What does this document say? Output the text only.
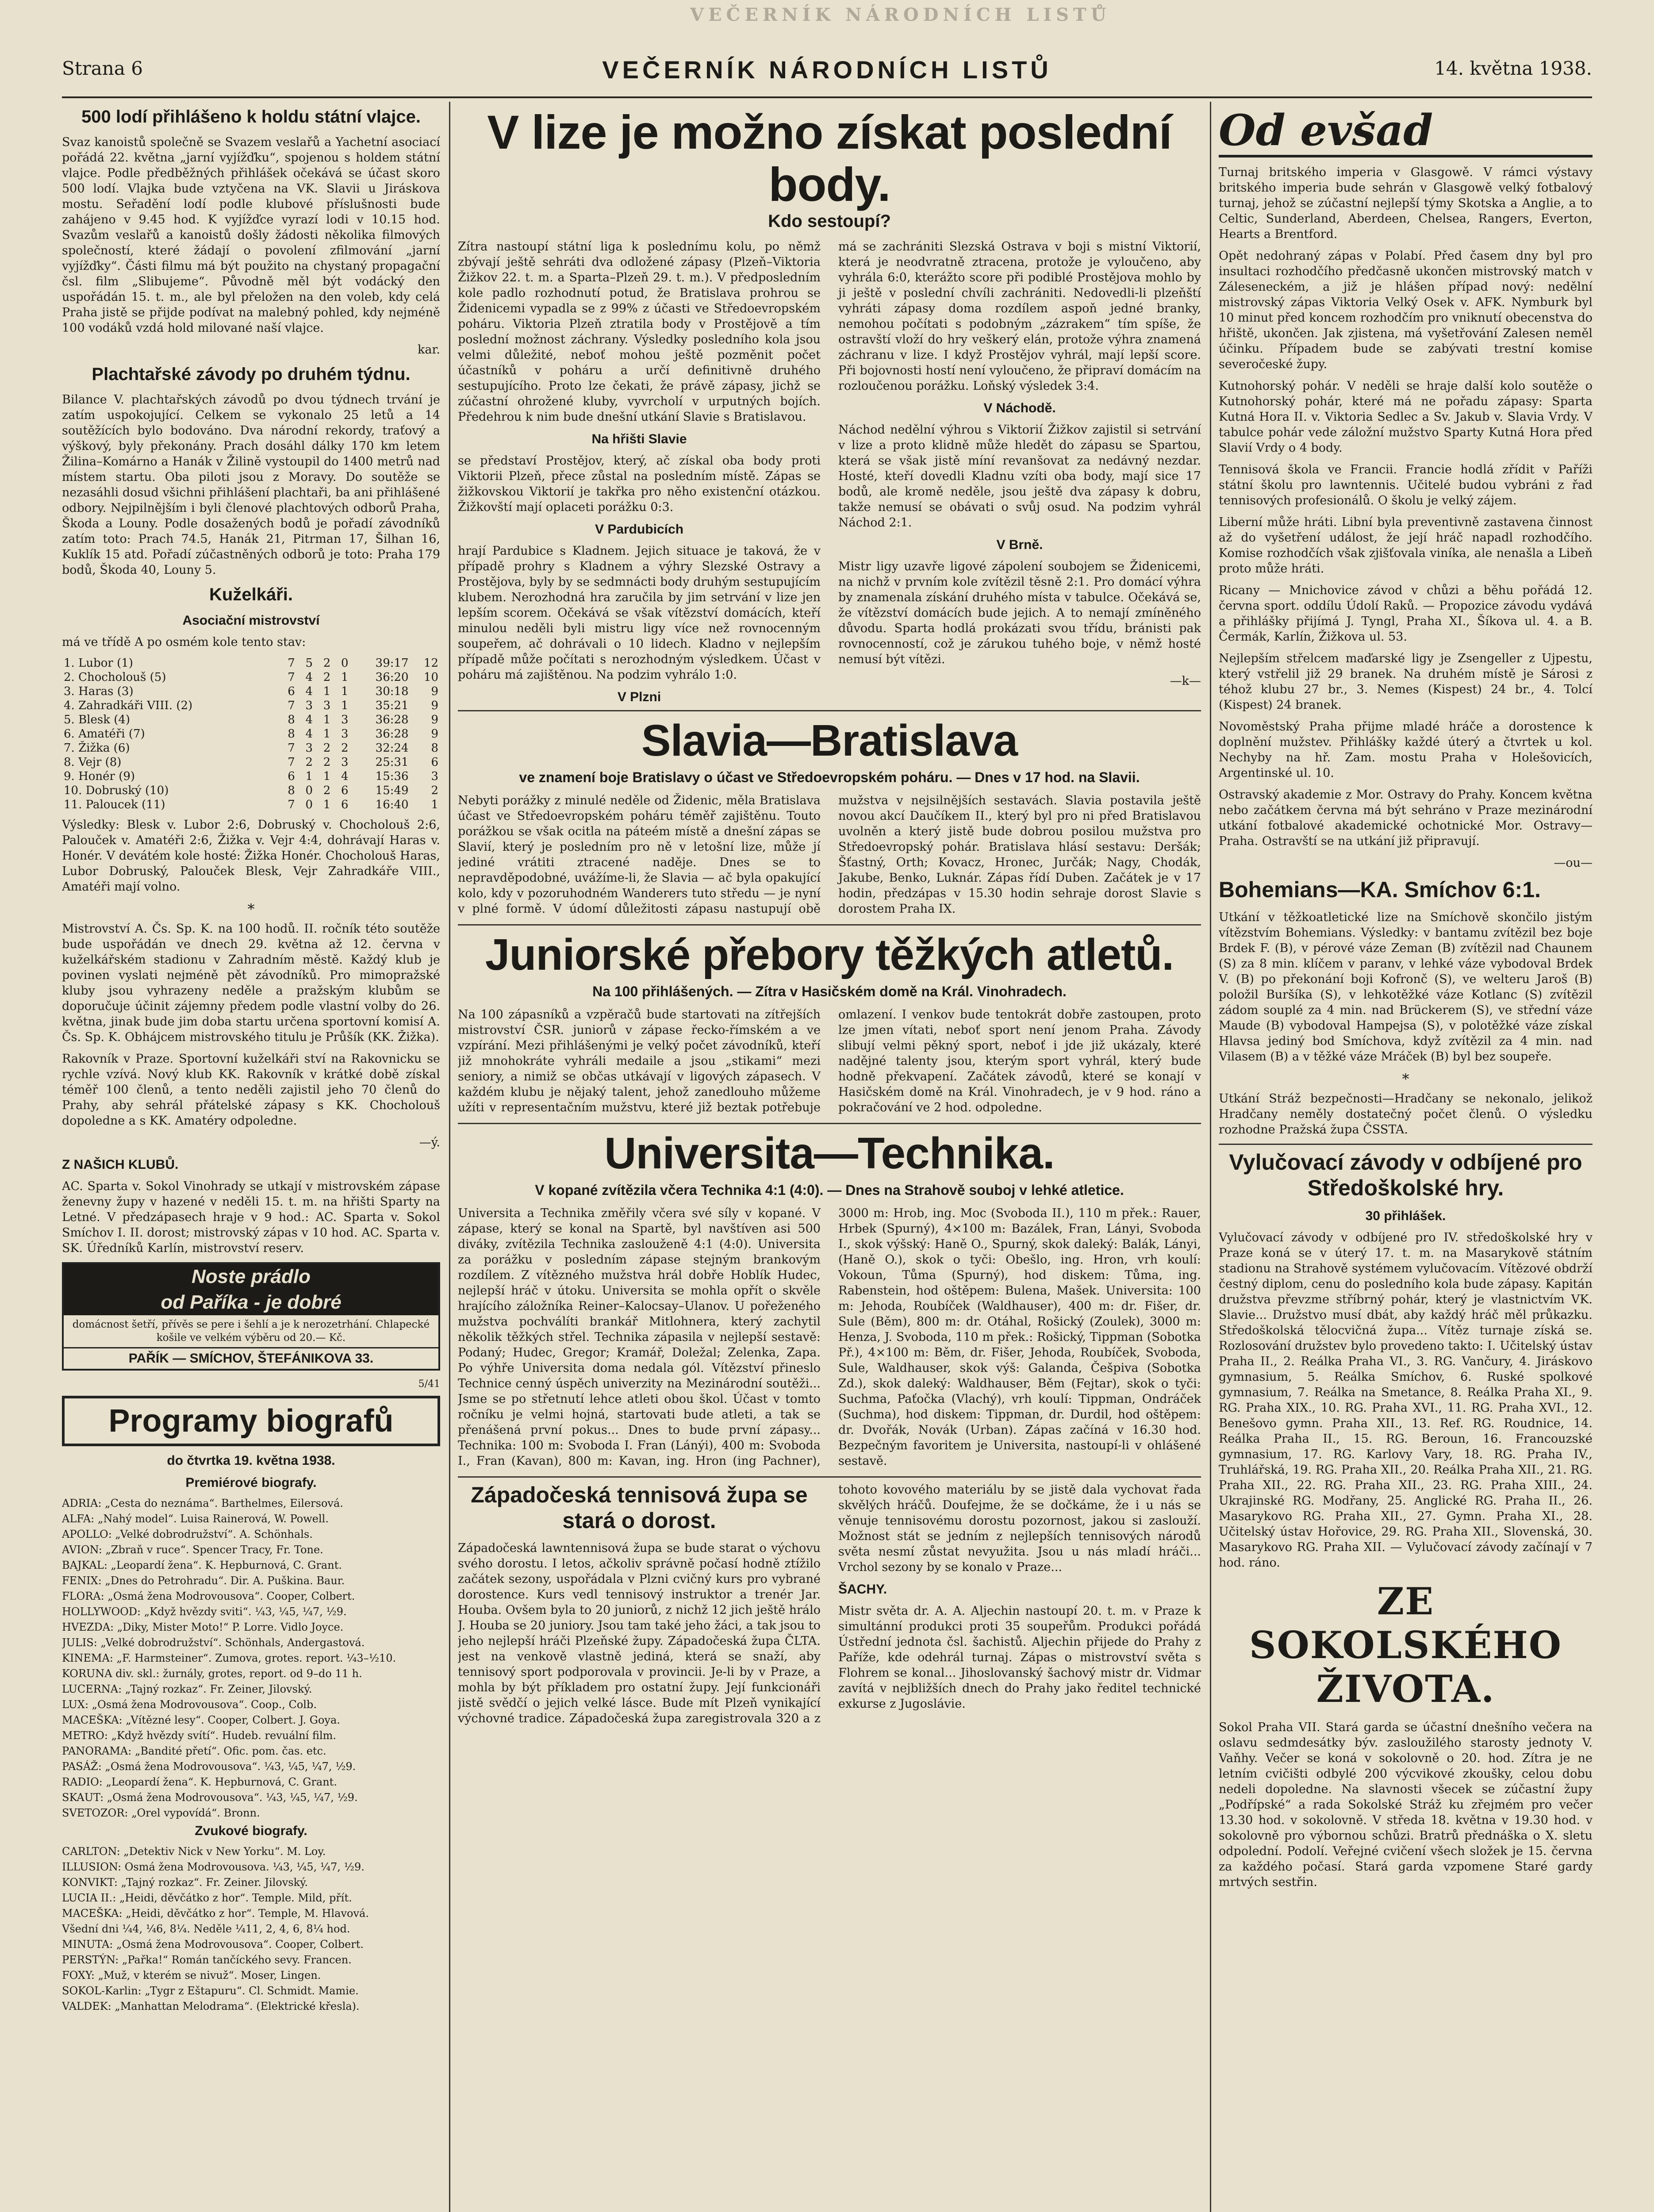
VEČERNÍK NÁRODNÍCH LISTŮ
Strana 6	VEČERNÍK NÁRODNÍCH LISTŮ	14. května 1938.
500 lodí přihlášeno k holdu státní vlajce.

Svaz kanoistů společně se Svazem veslařů a Yachetní asociací pořádá 22. května „jarní vyjížďku“, spojenou s holdem státní vlajce. Podle předběžných přihlášek očekává se účast skoro 500 lodí. Vlajka bude vztyčena na VK. Slavii u Jiráskova mostu. Seřadění lodí podle klubové příslušnosti bude zahájeno v 9.45 hod. K vyjížďce vyrazí lodi v 10.15 hod. Svazům veslařů a kanoistů došly žádosti několika filmových společností, které žádají o povolení zfilmování „jarní vyjížďky“. Části filmu má být použito na chystaný propagační čsl. film „Slibujeme“. Původně měl být vodácký den uspořádán 15. t. m., ale byl přeložen na den voleb, kdy celá Praha jistě se přijde podívat na malebný pohled, kdy nejméně 100 vodáků vzdá hold milované naší vlajce.

kar.

Plachtařské závody po druhém týdnu.

Bilance V. plachtařských závodů po dvou týdnech trvání je zatím uspokojující. Celkem se vykonalo 25 letů a 14 soutěžících bylo bodováno. Dva národní rekordy, traťový a výškový, byly překonány. Prach dosáhl dálky 170 km letem Žilina–Komárno a Hanák v Žilině vystoupil do 1400 metrů nad místem startu. Oba piloti jsou z Moravy. Do soutěže se nezasáhli dosud všichni přihlášení plachtaři, ba ani přihlášené odbory. Nejpilnějším i byli členové plachtových odborů Praha, Škoda a Louny. Podle dosažených bodů je pořadí závodníků zatím toto: Prach 74.5, Hanák 21, Pitrman 17, Šilhan 16, Kuklík 15 atd. Pořadí zúčastněných odborů je toto: Praha 179 bodů, Škoda 40, Louny 5.

Kuželkáři.
Asociační mistrovství

má ve třídě A po osmém kole tento stav:

1. Lubor (1)	7	5	2	0	39:17	12
2. Chocholouš (5)	7	4	2	1	36:20	10
3. Haras (3)	6	4	1	1	30:18	9
4. Zahradkáři VIII. (2)	7	3	3	1	35:21	9
5. Blesk (4)	8	4	1	3	36:28	9
6. Amatéři (7)	8	4	1	3	36:28	9
7. Žižka (6)	7	3	2	2	32:24	8
8. Vejr (8)	7	2	2	3	25:31	6
9. Honér (9)	6	1	1	4	15:36	3
10. Dobruský (10)	8	0	2	6	15:49	2
11. Paloucek (11)	7	0	1	6	16:40	1

Výsledky: Blesk v. Lubor 2:6, Dobruský v. Chocholouš 2:6, Palouček v. Amatéři 2:6, Žižka v. Vejr 4:4, dohrávají Haras v. Honér. V devátém kole hosté: Žižka Honér. Chocholouš Haras, Lubor Dobruský, Palouček Blesk, Vejr Zahradkáře VIII., Amatéři mají volno.

*

Mistrovství A. Čs. Sp. K. na 100 hodů. II. ročník této soutěže bude uspořádán ve dnech 29. května až 12. června v kuželkářském stadionu v Zahradním městě. Každý klub je povinen vyslati nejméně pět závodníků. Pro mimopražské kluby jsou vyhrazeny neděle a pražským klubům se doporučuje účinit zájemny předem podle vlastní volby do 26. května, jinak bude jim doba startu určena sportovní komisí A. Čs. Sp. K. Obhájcem mistrovského titulu je Průšík (KK. Žižka).

Rakovník v Praze. Sportovní kuželkáři ství na Rakovnicku se rychle vzívá. Nový klub KK. Rakovník v krátké době získal téměř 100 členů, a tento neděli zajistil jeho 70 členů do Prahy, aby sehrál přátelské zápasy s KK. Chocholouš dopoledne a s KK. Amatéry odpoledne.

—ý.

Z NAŠICH KLUBŮ.

AC. Sparta v. Sokol Vinohrady se utkají v mistrovském zápase ženevny župy v hazené v neděli 15. t. m. na hřišti Sparty na Letné. V předzápasech hraje v 9 hod.: AC. Sparta v. Sokol Smíchov I. II. dorost; mistrovský zápas v 10 hod. AC. Sparta v. SK. Úředníků Karlín, mistrovství reserv.

Noste prádlo
od Paříka - je dobré
domácnost šetří, přívěs se pere i šehlí a je k nerozetrhání. Chlapecké košile ve velkém výběru od 20.— Kč.
PAŘÍK — SMÍCHOV, ŠTEFÁNIKOVA 33.
5/41
Programy biografů
do čtvrtka 19. května 1938.
Premiérové biografy.

ADRIA: „Cesta do neznáma“. Barthelmes, Eilersová.

ALFA: „Nahý model“. Luisa Rainerová, W. Powell.

APOLLO: „Velké dobrodružství“. A. Schönhals.

AVION: „Zbraň v ruce“. Spencer Tracy, Fr. Tone.

BAJKAL: „Leopardí žena“. K. Hepburnová, C. Grant.

FENIX: „Dnes do Petrohradu“. Dir. A. Puškina. Baur.

FLORA: „Osmá žena Modrovousova“. Cooper, Colbert.

HOLLYWOOD: „Když hvězdy sviti“. ¼3, ¼5, ¼7, ½9.

HVEZDA: „Diky, Mister Moto!“ P. Lorre. Vidlo Joyce.

JULIS: „Velké dobrodružství“. Schönhals, Andergastová.

KINEMA: „F. Harmsteiner“. Zumova, grotes. report. ¼3–½10.

KORUNA div. skl.: žurnály, grotes, report. od 9–do 11 h.

LUCERNA: „Tajný rozkaz“. Fr. Zeiner, Jilovský.

LUX: „Osmá žena Modrovousova“. Coop., Colb.

MACEŠKA: „Vítězné lesy“. Cooper, Colbert. J. Goya.

METRO: „Když hvězdy svítí“. Hudeb. revuální film.

PANORAMA: „Bandité přetí“. Ofic. pom. čas. etc.

PASÁŽ: „Osmá žena Modrovousova“. ¼3, ¼5, ¼7, ½9.

RADIO: „Leopardí žena“. K. Hepburnová, C. Grant.

SKAUT: „Osmá žena Modrovousova“. ¼3, ¼5, ¼7, ½9.

SVETOZOR: „Orel vypovídá“. Bronn.

Zvukové biografy.

CARLTON: „Detektiv Nick v New Yorku“. M. Loy.

ILLUSION: Osmá žena Modrovousova. ¼3, ¼5, ¼7, ½9.

KONVIKT: „Tajný rozkaz“. Fr. Zeiner. Jilovský.

LUCIA II.: „Heidi, děvčátko z hor“. Temple. Mild, přít.

MACEŠKA: „Heidi, děvčátko z hor“. Temple, M. Hlavová.

Všední dni ¼4, ¼6, 8¼. Neděle ¼11, 2, 4, 6, 8¼ hod.

MINUTA: „Osmá žena Modrovousova“. Cooper, Colbert.

PERSTÝN: „Pařka!“ Román tančíckého sevy. Francen.

FOXY: „Muž, v kterém se nivuž“. Moser, Lingen.

SOKOL-Karlin: „Tygr z Eštapuru“. Cl. Schmidt. Mamie.

VALDEK: „Manhattan Melodrama“. (Elektrické křesla).

V lize je možno získat poslední body.
Kdo sestoupí?

Zítra nastoupí státní liga k poslednímu kolu, po němž zbývají ještě sehráti dva odložené zápasy (Plzeň–Viktoria Žižkov 22. t. m. a Sparta–Plzeň 29. t. m.). V předposledním kole padlo rozhodnutí potud, že Bratislava prohrou se Židenicemi vypadla se z 99% z účasti ve Středoevropském poháru. Viktoria Plzeň ztratila body v Prostějově a tím poslední možnost záchrany. Výsledky posledního kola jsou velmi důležité, neboť mohou ještě pozměnit počet účastníků v poháru a určí definitivně druhého sestupujícího. Proto lze čekati, že právě zápasy, jichž se zúčastní ohrožené kluby, vyvrcholí v urputných bojích. Předehrou k nim bude dnešní utkání Slavie s Bratislavou.

Na hřišti Slavie

se představí Prostějov, který, ač získal oba body proti Viktorii Plzeň, přece zůstal na posledním místě. Zápas se žižkovskou Viktorií je takřka pro něho existenční otázkou. Žižkovští mají oplaceti porážku 0:3.

V Pardubicích

hrají Pardubice s Kladnem. Jejich situace je taková, že v případě prohry s Kladnem a výhry Slezské Ostravy a Prostějova, byly by se sedmnácti body druhým sestupujícím klubem. Nerozhodná hra zaručila by jim setrvání v lize jen lepším scorem. Očekává se však vítězství domácích, kteří minulou neděli byli mistru ligy více než rovnocenným soupeřem, ač dohrávali o 10 lidech. Kladno v nejlepším případě může počítati s nerozhodným výsledkem. Účast v poháru má zajištěnou. Na podzim vyhrálo 1:0.

V Plzni

má se zachrániti Slezská Ostrava v boji s mistní Viktorií, která je neodvratně ztracena, protože je vyloučeno, aby vyhrála 6:0, kterážto score při podiblé Prostějova mohlo by ji ještě v poslední chvíli zachrániti. Nedovedli-li plzeňští vyhráti zápasy doma rozdílem aspoň jedné branky, nemohou počítati s podobným „zázrakem“ tím spíše, že ostravští vloží do hry veškerý elán, protože výhra znamená záchranu v lize. I když Prostějov vyhrál, mají lepší score. Při bojovnosti hostí není vyloučeno, že připraví domácím na rozloučenou porážku. Loňský výsledek 3:4.

V Náchodě.

Náchod nedělní výhrou s Viktorií Žižkov zajistil si setrvání v lize a proto klidně může hledět do zápasu se Spartou, která se však jistě míní revanšovat za nedávný nezdar. Hosté, kteří dovedli Kladnu vzíti oba body, mají sice 17 bodů, ale kromě neděle, jsou ještě dva zápasy k dobru, takže nemusí se obávati o svůj osud. Na podzim vyhrál Náchod 2:1.

V Brně.

Mistr ligy uzavře ligové zápolení soubojem se Židenicemi, na nichž v prvním kole zvítězil těsně 2:1. Pro domácí výhra by znamenala získání druhého místa v tabulce. Očekává se, že vítězství domácích bude jejich. A to nemají zmíněného důvodu. Sparta hodlá prokázati svou třídu, bránisti pak rovnocenností, což je zárukou tuhého boje, v němž hosté nemusí být vítězi.

—k—

Slavia—Bratislava
ve znamení boje Bratislavy o účast ve Středoevropském poháru. — Dnes v 17 hod. na Slavii.

Nebyti porážky z minulé neděle od Židenic, měla Bratislava účast ve Středoevropském poháru téměř zajištěnu. Touto porážkou se však ocitla na páteém místě a dnešní zápas se Slavií, který je posledním pro ně v letošní lize, může jí jediné vrátiti ztracené naděje. Dnes se to nepravděpodobné, uvážíme-li, že Slavia — ač byla opakující kolo, kdy v pozoruhodném Wanderers tuto středu — je nyní v plné formě. V údomí důležitosti zápasu nastupují obě mužstva v nejsilnějších sestavách. Slavia postavila ještě novou akcí Daučíkem II., který byl pro ni před Bratislavou uvolněn a který jistě bude dobrou posilou mužstva pro Středoevropský pohár. Bratislava hlásí sestavu: Deršák; Šťastný, Orth; Kovacz, Hronec, Jurčák; Nagy, Chodák, Jakube, Benko, Luknár. Zápas řídí Duben. Začátek je v 17 hodin, předzápas v 15.30 hodin sehraje dorost Slavie s dorostem Praha IX.

Juniorské přebory těžkých atletů.
Na 100 přihlášených. — Zítra v Hasičském domě na Král. Vinohradech.

Na 100 zápasníků a vzpěračů bude startovati na zítřejších mistrovství ČSR. juniorů v zápase řecko-římském a ve vzpírání. Mezi přihlášenými je velký počet závodníků, kteří již mnohokráte vyhráli medaile a jsou „stikami“ mezi seniory, a nimiž se občas utkávají v ligových zápasech. V každém klubu je nějaký talent, jehož zanedlouho můžeme užíti v representačním mužstvu, které již beztak potřebuje omlazení. I venkov bude tentokrát dobře zastoupen, proto lze jmen vítati, neboť sport není jenom Praha. Závody slibují velmi pěkný sport, neboť i jde již ukázaly, které nadějné talenty jsou, kterým sport vyhrál, který bude hodně překvapení. Začátek závodů, které se konají v Hasičském domě na Král. Vinohradech, je v 9 hod. ráno a pokračování ve 2 hod. odpoledne.

Universita—Technika.
V kopané zvítězila včera Technika 4:1 (4:0). — Dnes na Strahově souboj v lehké atletice.

Universita a Technika změřily včera své síly v kopané. V zápase, který se konal na Spartě, byl navštíven asi 500 diváky, zvítězila Technika zaslouženě 4:1 (4:0). Universita za porážku v posledním zápase stejným brankovým rozdílem. Z vítězného mužstva hrál dobře Hoblík Hudec, nejlepší hráč v útoku. Universita se mohla opřít o skvěle hrajícího záložníka Reiner–Kalocsay–Ulanov. U pořeženého mužstva pochválíti brankář Mitlohnera, který zachytil několik těžkých střel. Technika zápasila v nejlepší sestavě: Podaný; Hudec, Gregor; Kramář, Doležal; Zelenka, Zapa. Po výhře Universita doma nedala gól. Vítězství přineslo Technice cenný úspěch univerzity na Mezinárodní soutěži... Jsme se po střetnutí lehce atleti obou škol. Účast v tomto ročníku je velmi hojná, startovati bude atleti, a tak se přenášená první pokus... Dnes to bude první zápasy... Technika: 100 m: Svoboda I. Fran (Lánýi), 400 m: Svoboda I., Fran (Kavan), 800 m: Kavan, ing. Hron (ing Pachner), 3000 m: Hrob, ing. Moc (Svoboda II.), 110 m přek.: Rauer, Hrbek (Spurný), 4×100 m: Bazálek, Fran, Lányi, Svoboda I., skok výšský: Haně O., Spurný, skok daleký: Balák, Lányi, (Haně O.), skok o tyči: Obešlo, ing. Hron, vrh koulí: Vokoun, Tůma (Spurný), hod diskem: Tůma, ing. Rabenstein, hod oštěpem: Bulena, Mašek. Universita: 100 m: Jehoda, Roubíček (Waldhauser), 400 m: dr. Fišer, dr. Sule (Běm), 800 m: dr. Otáhal, Rošický (Zoulek), 3000 m: Henza, J. Svoboda, 110 m přek.: Rošický, Tippman (Sobotka Př.), 4×100 m: Běm, dr. Fišer, Jehoda, Roubíček, Svoboda, Sule, Waldhauser, skok výš: Galanda, Češpiva (Sobotka Zd.), skok daleký: Waldhauser, Běm (Fejtar), skok o tyči: Suchma, Paťočka (Vlachý), vrh koulí: Tippman, Ondráček (Suchma), hod diskem: Tippman, dr. Durdil, hod oštěpem: dr. Dvořák, Novák (Urban). Zápas začíná v 16.30 hod. Bezpečným favoritem je Universita, nastoupí-li v ohlášené sestavě.

Západočeská tennisová župa se stará o dorost.

Západočeská lawntennisová župa se bude starat o výchovu svého dorostu. I letos, ačkoliv správně počasí hodně ztížilo začátek sezony, uspořádala v Plzni cvičný kurs pro vybrané dorostence. Kurs vedl tennisový instruktor a trenér Jar. Houba. Ovšem byla to 20 juniorů, z nichž 12 jich ještě hrálo J. Houba se 20 juniory. Jsou tam také jeho žáci, a tak jsou to jeho nejlepší hráči Plzeňské župy. Západočeská župa ČLTA. jest na venkově vlastně jediná, která se snaží, aby tennisový sport podporovala v provincii. Je-li by v Praze, a mohla by být příkladem pro ostatní župy. Její funkcionáři jistě svědčí o jejich velké lásce. Bude mít Plzeň vynikající výchovné tradice. Západočeská župa zaregistrovala 320 a z tohoto kovového materiálu by se jistě dala vychovat řada skvělých hráčů. Doufejme, že se dočkáme, že i u nás se věnuje tennisovému dorostu pozornost, jakou si zaslouží. Možnost stát se jedním z nejlepších tennisových národů světa nesmí zůstat nevyužita. Jsou u nás mladí hráči... Vrchol sezony by se konalo v Praze...

ŠACHY.

Mistr světa dr. A. A. Aljechin nastoupí 20. t. m. v Praze k simultánní produkci proti 35 soupeřům. Produkci pořádá Ústřední jednota čsl. šachistů. Aljechin přijede do Prahy z Paříže, kde odehrál turnaj. Zápas o mistrovství světa s Flohrem se konal... Jihoslovanský šachový mistr dr. Vidmar zavítá v nejbližších dnech do Prahy jako ředitel technické exkurse z Jugoslávie.

Od evšad

Turnaj britského imperia v Glasgowě. V rámci výstavy britského imperia bude sehrán v Glasgowě velký fotbalový turnaj, jehož se zúčastní nejlepší týmy Skotska a Anglie, a to Celtic, Sunderland, Aberdeen, Chelsea, Rangers, Everton, Hearts a Brentford.

Opět nedohraný zápas v Polabí. Před časem dny byl pro insultaci rozhodčího předčasně ukončen mistrovský match v Záleseneckém, a již je hlášen případ nový: nedělní mistrovský zápas Viktoria Velký Osek v. AFK. Nymburk byl 10 minut před koncem rozhodčím pro vniknutí obecenstva do hřiště, ukončen. Jak zjistena, má vyšetřování Zalesen neměl účinku. Případem bude se zabývati trestní komise severočeské župy.

Kutnohorský pohár. V neděli se hraje další kolo soutěže o Kutnohorský pohár, které má ne pořadu zápasy: Sparta Kutná Hora II. v. Viktoria Sedlec a Sv. Jakub v. Slavia Vrdy. V tabulce pohár vede záložní mužstvo Sparty Kutná Hora před Slavií Vrdy o 4 body.

Tennisová škola ve Francii. Francie hodlá zřídit v Paříži státní školu pro lawntennis. Učitelé budou vybráni z řad tennisových profesionálů. O školu je velký zájem.

Liberní může hráti. Libní byla preventivně zastavena činnost až do vyšetření událost, že její hráč napadl rozhodčího. Komise rozhodčích však zjišťovala viníka, ale nenašla a Libeň proto může hráti.

Ricany — Mnichovice závod v chůzi a běhu pořádá 12. června sport. oddílu Údolí Raků. — Propozice závodu vydává a přihlášky přijímá J. Tyngl, Praha XI., Šíkova ul. 4. a B. Čermák, Karlín, Žižkova ul. 53.

Nejlepším střelcem maďarské ligy je Zsengeller z Ujpestu, který vstřelil již 29 branek. Na druhém místě je Sárosi z téhož klubu 27 br., 3. Nemes (Kispest) 24 br., 4. Tolcí (Kispest) 24 branek.

Novoměstský Praha přijme mladé hráče a dorostence k doplnění mužstev. Přihlášky každé úterý a čtvrtek u kol. Nechyby na hř. Zam. mostu Praha v Holešovicích, Argentinské ul. 10.

Ostravský akademie z Mor. Ostravy do Prahy. Koncem května nebo začátkem června má být sehráno v Praze mezinárodní utkání fotbalové akademické ochotnické Mor. Ostravy—Praha. Ostravští se na utkání již připravují.

—ou—

Bohemians—KA. Smíchov 6:1.

Utkání v těžkoatletické lize na Smíchově skončilo jistým vítězstvím Bohemians. Výsledky: v bantamu zvítězil bez boje Brdek F. (B), v pérové váze Zeman (B) zvítězil nad Chaunem (S) za 8 min. klíčem v paranv, v lehké váze vybodoval Brdek V. (B) po překonání boji Kofronč (S), ve welteru Jaroš (B) položil Buršíka (S), v lehkotěžké váze Kotlanc (S) zvítězil zádom souplé za 4 min. nad Brückerem (S), ve střední váze Maude (B) vybodoval Hampejsa (S), v polotěžké váze získal Hlavsa jediný bod Smíchova, když zvítězil za 4 min. nad Vilasem (B) a v těžké váze Mráček (B) byl bez soupeře.

*

Utkání Stráž bezpečnosti—Hradčany se nekonalo, jelikož Hradčany neměly dostatečný počet členů. O výsledku rozhodne Pražská župa ČSSTA.

Vylučovací závody v odbíjené pro Středoškolské hry.
30 přihlášek.

Vylučovací závody v odbíjené pro IV. středoškolské hry v Praze koná se v úterý 17. t. m. na Masarykově státním stadionu na Strahově systémem vylučovacím. Vítězové obdrží čestný diplom, cenu do posledního kola bude zápasy. Kapitán družstva převzme stříbrný pohár, který je vlastnictvím VK. Slavie... Družstvo musí dbát, aby každý hráč měl průkazku. Středoškolská tělocvičná župa... Vítěz turnaje získá se. Rozlosování družstev bylo provedeno takto: I. Učitelský ústav Praha II., 2. Reálka Praha VI., 3. RG. Vančury, 4. Jiráskovo gymnasium, 5. Reálka Smíchov, 6. Ruské spolkové gymnasium, 7. Reálka na Smetance, 8. Reálka Praha XI., 9. RG. Praha XIX., 10. RG. Praha XVI., 11. RG. Praha XVI., 12. Benešovo gymn. Praha XII., 13. Ref. RG. Roudnice, 14. Reálka Praha II., 15. RG. Beroun, 16. Francouzské gymnasium, 17. RG. Karlovy Vary, 18. RG. Praha IV., Truhlářská, 19. RG. Praha XII., 20. Reálka Praha XII., 21. RG. Praha XII., 22. RG. Praha XII., 23. RG. Praha XIII., 24. Ukrajinské RG. Modřany, 25. Anglické RG. Praha II., 26. Masarykovo RG. Praha XII., 27. Gymn. Praha XI., 28. Učitelský ústav Hořovice, 29. RG. Praha XII., Slovenská, 30. Masarykovo RG. Praha XII. — Vylučovací závody začínají v 7 hod. ráno.

ZE SOKOLSKÉHO ŽIVOTA.

Sokol Praha VII. Stará garda se účastní dnešního večera na oslavu sedmdesátky býv. zasloužilého starosty jednoty V. Vaňhy. Večer se koná v sokolovně o 20. hod. Zítra je ne letním cvičišti odbylé 200 výcvikové zkoušky, celou dobu nedeli dopoledne. Na slavnosti všecek se zúčastní župy „Podřípské“ a rada Sokolské Stráž ku zřejmém pro večer 13.30 hod. v sokolovně. V středa 18. května v 19.30 hod. v sokolovně pro výbornou schůzi. Bratrů přednáška o X. sletu odpolední. Podolí. Veřejné cvičení všech složek je 15. června za každého počasí. Stará garda vzpomene Staré gardy mrtvých sestřin.
